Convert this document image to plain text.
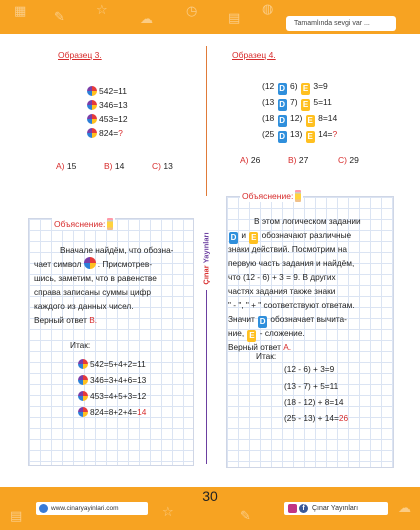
▦ ✎ ☆
☁
◷ ▤
◍
Tamamlında sevgi var ...
Çınar Yayınları
Образец 3.
542=11
346=13
453=12
824=?
A) 15	B) 14	C) 13
Объяснение:
Вначале найдём, что обозна-
чает символ . Присмотрев-
шись, заметим, что в равенстве
справа записаны суммы цифр
каждого из данных чисел.
Верный ответ B.
Итак:
542=5+4+2=11
346=3+4+6=13
453=4+5+3=12
824=8+2+4=14
Образец 4.
(12 D 6) E 3=9
(13 D 7) E 5=11
(18 D 12) E 8=14
(25 D 13) E 14=?
A) 26	B) 27	C) 29
Объяснение:
В этом логическом задании
D и E обозначают различные
знаки действий. Посмотрим на
первую часть задания и найдём,
что (12 - 6) + 3 = 9. В других
частях задания также знаки
" - ", " + " соответствуют ответам.
Значит D обозначает вычита-
ние, E - сложение.
Верный ответ A.
Итак:
(12 - 6) + 3=9
(13 - 7) + 5=11
(18 - 12) + 8=14
(25 - 13) + 14=26
▤	☆	✎
☁
30
www.cinaryayinlari.com	f	Çınar Yayınları
